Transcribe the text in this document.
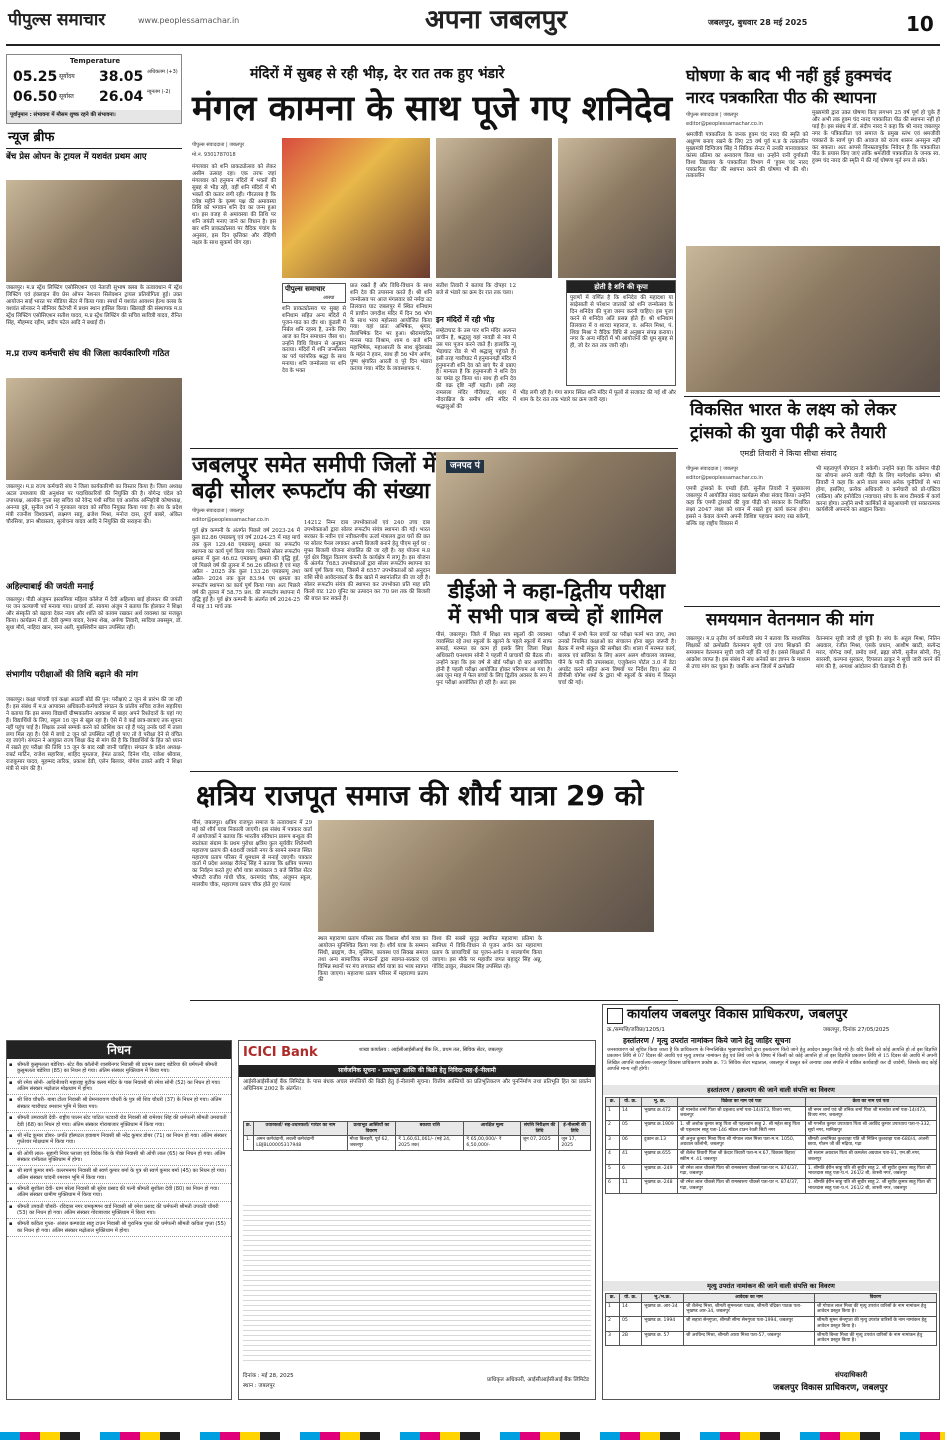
पीपुल्स समाचार	www.peoplessamachar.in	अपना जबलपुर	जबलपुर, बुधवार 28 मई 2025	10
Temperature
05.25 सूर्योदय 38.05 अधिकतम (+3)
06.50 सूर्यास्त 26.04 न्यूनतम (-2)
पूर्वानुमान : संभावना में मौसम शुष्क रहने की संभावना।
न्यूज ब्रीफ
बेंच प्रेस ओपन के ट्रायल में यशवंत प्रथम आए
जबलपुर। म.प्र स्ट्रेंथ लिफ्टिंग एसोसिएशन एवं नेताजी सुभाष क्लब के तत्वावधान में स्ट्रेंथ लिफ्टिंग एवं इंक्लाइन बेंच प्रेस ओपन नेशनल सिलेक्शन ट्रायल प्रतियोगिता हुई। उक्त आयोजन साईं भारत पर मीडिया सेंटर में किया गया। स्पर्धा में यशवंत आयशन हेल्थ क्लब के यशवंत सोनकर ने सीनियर कैटेगरी में प्रथम स्थान हासिल किया। खिलाड़ी की संस्थापक म.प्र स्ट्रेंथ लिफ्टिंग एसोसिएशन सतीश यादव, म.प्र स्ट्रेंथ लिफ्टिंग की सचिव सावित्री यादव, रौनित सिंह, मौहम्मद रहीम, प्रदीप पटेल आदि ने बधाई दी।
म.प्र राज्य कर्मचारी संघ की जिला कार्यकारिणी गठित
जबलपुर। म.प्र राज्य कर्मचारी संघ ने जिला कार्यकारिणी का विस्तार किया है। जिला अध्यक्ष अटल उपाध्याय की अनुशंसा पर पदाधिकारियों की नियुक्ति की है। योगेन्द्र चंदेल को उपाध्यक्ष, आलोक गुप्ता सह सचिव को रेवेन्द्र पंथी सचिव एवं आलोक अग्निहोत्री कोषाध्यक्ष, अनन्या दुबे, सुनील वर्मा ने गुरुकाल यादव को सचिव नियुक्त किया गया है। संघ के प्रदेश मंत्री रजनीश विश्वकर्मा, लक्ष्मण साहू, ब्रजेश मिश्रा, मनोज दास, दुर्गा बाबरे, अंकित चौरसिया, ज्ञान श्रीवास्तव, सुलोचना यादव आदि ने नियुक्ति की सराहना की।
अहिल्याबाई की जयंती मनाई
जबलपुर। पीडी अंजुमन इस्लामिया महिला कॉलेज में देवी अहिल्या बाई होलकर की जयंती पर जन कल्याणी पर्व मनाया गया। प्राचार्य डॉ. सायमा अंजुम ने बताया कि होलकर ने शिक्षा और संस्कृति को बढ़ावा देकर न्याय और शांति को कायम रखकर अर्थ व्यवस्था का मजबूत किया। कार्यक्रम में डॉ. देवी कृष्णा यादव, रेशमा शेख, अर्पणा तिवारी, सादिया तबस्सुम, डॉ. सुधा मौर्य, नाहिदा खान, सना अली, मुबश्शिरीन खान उपस्थित रहीं।
संभागीय परीक्षाओं की तिथि बढ़ाने की मांग
जबलपुर। कक्षा पांचवी एवं कक्षा आठवीं बोर्ड की पुन: परीक्षाएं 2 जून से प्रारंभ की जा रही हैं। इस संबंध में म.प्र आपाक्स अधिकारी-कर्मचारी संगठन के प्रांतीय सचिव राजेश सहारिया ने बताया कि इस समय विद्यार्थी ग्रीष्मकालीन अवकाश में बाहर अपने रिश्तेदारों के यहां गए हैं। विद्यार्थियों के लिए, स्कूल 16 जून से खुल रहा है। ऐसे में वे कई छात्र-छात्राएं तक सूचना नहीं पहुंच पाई है। शिक्षक उनसे सम्पर्क करने को कोशिश कर रहे हैं परंतु उनके घरों में ताला लगा मिल रहा है। ऐसे में बच्चे 2 जून को उपस्थित नहीं हो पाए तो वे परीक्षा देने से वंचित रह जाएंगे। संगठन ने आयुक्त राज्य शिक्षा केंद्र से मांग की है कि विद्यार्थियों के हित को ध्यान में रखते हुए परीक्षा की तिथि 15 जून के बाद रखी जानी चाहिए। संगठन के प्रदेश अध्यक्ष- राबर्ट मार्टिन, राजेश सहारिया, शाहिद मुमताज, हेमंत ठाकरे, दिनेश गोंड, राकेश श्रीवास, राजकुमार यादव, मुहम्मद तारिक, प्रकाश देवी, एलेन बिलवर, योगेश ठाकरे आदि ने शिक्षा मंत्री से मांग की है।
मंदिरों में सुबह से रही भीड़, देर रात तक हुए भंडारे
मंगल कामना के साथ पूजे गए शनिदेव
पीपुल्स संवाददाता | जबलपुर
मो.नं. 9301787018
मंगलवार को शनि प्राकट्योत्सव को लेकर असीम उत्साह रहा। एक तरफ जहां मंगलवार को हनुमान मंदिरों में भक्तों की सुबह से भीड़ रही, वहीं शनि मंदिरों में भी भक्तों की कतार लगी रही। गौरतलब है कि ज्येष्ठ महीने के कृष्ण पक्ष की अमावस्या तिथि को भगवान शनि देव का जन्म हुआ था। इस वजह से अमावस्या की तिथि पर शनि जयंती मनाए जाने का विधान है। इस बार शनि प्राकट्योत्सव पर वैदिक पंचांग के अनुसार, इस दिन कृत्तिका और रोहिणी नक्षत्र के साथ सुकर्मा योग रहा।
पीपुल्स समाचार
आस्था
शनि प्राकट्योत्सव पर सुबह से शनिधाम सहित अन्य मंदिरों में पूजन-पाठ का दौर था। कुंडली में निर्बल शनि रहस्य है, उनके लिए आज का दिन समाधान जैसा था। उन्होंने विधि विधान से अनुष्ठान कराया। मंदिरों में शनि जन्मोत्सव का पर्व पारंपरिक श्रद्धा के साथ मनाया। शनि जन्मोत्सव पर शनि देव के भक्त
प्रात रखते हैं और विधि-विधान के साथ शनि देव की उपासना करते हैं। श्री शनि जन्मोत्सव पर आज मंगलवार को नर्मदा तट तिलवारा घाट जबलपुर में स्थित शनिधाम में प्राचीन जगदीश मंदिर में दिन 56 भोग के साथ भव्य महोत्सव आयोजित किया गया। यहां प्रातः अभिषेक, श्रृंगार, तैलाभिषेक दिन भर हुआ। श्रीरामचरित मानस पाठ विश्राम, शाम 6 बजे शनि महाभिषेक, महाआरती के साथ बुंदेलखंड के महंत ने हवन, साथ ही 56 भोग अर्पण, पुष्प श्रृंगारित आरती व पूरे दिन भंडारा कराया गया। मंदिर के व्यवस्थापक पं.
सतीश तिवारी ने बताया कि दोपहर 12 बजे से भंडारे का क्रम देर रात तक चला।
इन मंदिरों में रही भीड़
लम्हेटाघाट के उस पार शनि मंदिर अत्यन्त प्राचीन है, श्रद्धालु यहां नावड़ी से नाव में उस पार पूजन करने जाते हैं। हालांकि न्यू भेड़ाघाट रोड से भी श्रद्धालु पहुंचते हैं। इसी तरह ग्वारीघाट में हनुमानगढ़ी मंदिर में हनुमानजी शनि देव को बाएं पैर से दबाए हैं। मान्यता है कि हनुमानजी ने शनि देव का घमंड दूर किया था। साथ ही शनि देव की वक्र दृष्टि नहीं पड़ती। इसी तरह रामलला मंदिर गौरीघाट, शहर में नौदराब्रिज के समीप शनि मंदिर में श्रद्धालुओं की
होती है शनि की कृपा
पुराणों में वर्णित है कि शनिदेव की महादशा या साढ़ेसाती से परेशान जातकों को शनि जन्मोत्सव के दिन शनिदेव की पूजा जरूर करनी चाहिए। इस पूजा करने से शनिदेव अति प्रसन्न होते हैं। श्री शनिधाम तिलवारा में व शारदा महाराज, व. अनिल मिश्रा, पं. शिवा मिश्रा ने वैदिक विधि से अनुष्ठान संपन्न कराया। नगर के अन्य मंदिरों में भी आयोजनों की धूम सुबह से ही, जो देर रात तक जारी रही।
भीड़ लगी रही है। गंगा सागर स्थित शनि मंदिर में फूलों से सजावट की गई थी और शाम के देर रात तक भंडारे का क्रम जारी रहा।
जबलपुर समेत समीपी जिलों में
बढ़ी सोलर रूफटॉप की संख्या
पीपुल्स संवाददाता | जबलपुर
editor@peoplessamachar.co.in
पूर्व क्षेत्र कम्पनी के अंतर्गत पिछले वर्ष 2023-24 में कुल 82.86 एमडब्ल्यू एवं वर्ष 2024-25 में माह मार्च तक कुल 129.48 एमडब्ल्यू क्षमता का रूफटॉप स्थापना का कार्य पूर्ण किया गया। जिससे सोलर रूफटॉप क्षमता में कुल 46.62 एमडब्ल्यू क्षमता की वृद्धि हुई, जो पिछले वर्ष की तुलना में 56.26 प्रतिशत है एवं माह अप्रैल - 2025 तक कुल 133.26 एमडब्ल्यू तथा अप्रैल- 2024 तक कुल 83.94 एम क्षमता का रूफटॉप स्थापना का कार्य पूर्ण किया गया। अतः पिछले वर्ष की तुलना में 58.75 प्रश. की रूफटॉप स्थापना में वृद्धि हुई है। पूर्व क्षेत्र कम्पनी के अंतर्गत वर्ष 2024-25 में माह 31 मार्च तक
14212 निम्न दाब उपभोक्ताओं एवं 240 उच्च दाब उपभोक्ताओं द्वारा सोलर रूफटॉप संयंत्र स्थापना की गई। भारत सरकार के नवीन एवं नवीकरणीय ऊर्जा मंत्रालय द्वारा घरों की छत पर सोलर पैनल लगाकर अपनी बिजली बनाने हेतु पीएम सूर्य घर : मुफ्त बिजली योजना संचालित की जा रही है। यह योजना म.प्र पूर्व क्षेत्र विद्युत वितरण कंपनी के कार्यक्षेत्र में लागू है। इस योजना के अंतर्गत 7683 उपभोक्ताओं द्वारा सोलर रूफटॉप स्थापना का कार्य पूर्ण किया गया, जिसमें से 6557 उपभोक्ताओं को अनुदान राशि सीधे आवेदनकर्ता के बैंक खाते में स्थानांतरित की जा रही है। सोलर रूफटॉप संयंत्र की स्थापना कर उपभोक्ता प्रति माह प्रति किलो वाट 120 यूनिट का उत्पादन कर 70 प्रश तक की बिजली की बचत कर सकते हैं।
जनपद पं
डीईओ ने कहा-द्वितीय परीक्षा
में सभी पात्र बच्चे हों शामिल
पीसं, जबलपुर। जिले में शिक्षा सत्र स्कूलों की व्यवस्था व्यवस्थित रहे तथा स्कूलों के खुलने के पहले स्कूलों में साफ सफाई, मरम्मत का काम हो इसके लिए जिला शिक्षा अधिकारी घनश्याम सोनी ने पहलीं में प्राचार्यों की बैठक ली। उन्होंने कहा कि इस वर्ष से बोर्ड परीक्षा दो बार आयोजित होनी है पहली परीक्षा आयोजित होकर परिणाम आ गया है। अब जून माह में फेल बच्चों के लिए द्वितीय अवसर के रूप में पुनः परीक्षा आयोजित हो रही है। अतः इस
परीक्षा में सभी फेल बच्चों का परीक्षा फार्म भरा जाए, तथा उनको नियमित कक्षाओं का संचालन होना बहुत जरूरी है। बैठक में सभी संकुल की समीक्षा की। शाला में मरम्मत कार्य, बालक एवं बालिका के लिए अलग अलग शौचालय व्यवस्था, पीने के पानी की उपलब्धता, एजुकेशन पोर्टल 3.0 में डेटा अपडेट करने सहित अन्य विषयों पर निर्देश दिए। अंत में डीपीसी योगेश शर्मा के द्वारा भी स्कूलों के संबंध में विस्तृत चर्चा की गई।
क्षत्रिय राजपूत समाज की शौर्य यात्रा 29 को
पीसं, जबलपुर। क्षत्रिय राजपूत समाज के तत्वावधान में 29 मई को शौर्य यात्रा निकाली जाएगी। इस संबंध में पत्रकार वार्ता में आयोजकों ने बताया कि भारतीय संविधान प्रारूप बन्धुत्व की स्वतंत्रता संग्राम के प्रथम पुरोधा क्षत्रिय कुल सूर्यवीर शिरोमणी महाराणा प्रताप की 486वीं जयंती नगर के सामने समाज स्थित महाराणा प्रताप परिसर में धूमधाम से मनाई जाएगी। पत्रकार वार्ता में प्रदेश अध्यक्ष रौलेन्द्र सिंह ने बताया कि क्षत्रिय परम्परा का निर्वहन करते हुए शौर्य यात्रा सायंकाल 5 बजे सिविल सेंटर भौपाटी राजीव गांधी चौक, करमचंद चौक, अंजुमन स्कूल, मालवीय चौक, महाराणा प्रताप चौक होते हुए गंतव्य
स्थल महाराणा प्रताप परिसर तक विशाल शौर्य यात्रा का आयोजन सुनिश्चित किया गया है। शौर्य यात्रा के सम्मान सिंधी, ब्राह्मण, जैन, मुस्लिम, कायस्थ एवं सिक्ख समाज तथा अन्य सामाजिक संगठनों द्वारा स्वागत-सत्कार एवं विभिन्न स्थानों पर मंच लगाकर शौर्य यात्रा का भव्य स्वागत किया जाएगा। महाराणा प्रताप परिसर में महाराणा प्रताप की
विश्व की सबसे सुदृढ़ स्थापित महाराणा प्रतिमा के सानिध्य में विधि-विधान से पूजन अर्चन कर महाराणा प्रताप के छायाचित्रों का पूजन-अर्चन व माल्यार्पण किया जाएगा। इस मौके पर महावीर जगत बहादुर सिंह अन्नू, गोविंद ठाकुर, लेखराम सिंह उपस्थित रहे।
घोषणा के बाद भी नहीं हुई हुक्मचंद
नारद पत्रकारिता पीठ की स्थापना
पीपुल्स संवाददाता | जबलपुर
editor@peoplessamachar.co.in
श्रमजीवी पत्रकारिता के जनक हुक्म चंद नारद की स्मृति को अक्षुण्ण बनाए रखने के लिए 25 वर्ष पूर्व म.प्र के तत्कालीन मुख्यमंत्री दिग्विजय सिंह ने सिविक सेन्टर में उनकी मानववाकार कांस्य प्रतिमा का अनावरण किया था। उन्होंने रानी दुर्गावती विश्व विद्यालय के पत्रकारिता विभाग में 'हुक्म चंद नारद पत्रकारिता पीठ' की स्थापना करने की घोषणा भी की थी। तत्कालीन
मुख्यमंत्री द्वारा उक्त घोषणा किए लगभग 25 वर्ष पूर्ण हो चुके हैं और अभी तक हुक्म चंद नारद पत्रकारिता पीठ की स्थापना नहीं हो पाई है। इस संबंध में डॉ. संदीप नारद ने कहा कि श्री नारद जबलपुर नगर के पत्रिकारिता एवं समाज के प्रमुख स्तंभ एवं श्रमजीवी पत्रकारों के स्वर्ण युग की आवाज को राज्य शासन अनसुना नहीं कर सकता। अतः आपसे विनम्रतापूर्वक निवेदन है कि पत्रकारिता पीठ के प्रयास किए जाएं ताकि श्रमजीवी पत्रकारिता के जनक स्व. हुक्म चंद नारद की स्मृति में की गई घोषणा मूर्त रूप ले सके।
विकसित भारत के लक्ष्य को लेकर
ट्रांसको की युवा पीढ़ी करे तैयारी
एमडी तिवारी ने किया सीधा संवाद
पीपुल्स संवाददाता | जबलपुर
editor@peoplessamachar.co.in
एमपी ट्रांसको के एमडी ईजी. सुनील तिवारी ने मुख्यालय जबलपुर में आयोजित संवाद कार्यक्रम सीधा संवाद किया। उन्होंने कहा कि एमपी ट्रांसको की युवा पीढ़ी को सरकार के निर्धारित लक्ष्य 2047 लक्ष्य को ध्यान में रखते हुए कार्य करना होगा। इससे न केवल कंपनी अपनी विशिष्ट पहचान बनाए रख सकेगी, बल्कि वह राष्ट्रीय विकास में
भी महत्वपूर्ण योगदान दे सकेगी। उन्होंने कहा कि वर्तमान पीढ़ी का सोचना अपने वाली पीढ़ी के लिए मार्गदर्शक बनेगा। श्री तिवारी ने कहा कि आने वाला समय अनेक चुनौतियों से भरा होगा, इसलिए, प्रत्येक अधिकारी व कर्मचारी को प्रो-एक्टिव (सक्रिय) और इनोवेटिव (नवाचार) सोच के साथ टीमवर्क में कार्य करना होगा। उन्होंने सभी कार्मिकों से बहुआयामी एवं सकारात्मक कार्यशैली अपनाने का आह्वान किया।
समयमान वेतनमान की मांग
जबलपुर। म.प्र तृतीय वर्ग कर्मचारी संघ ने बताया कि माध्यमिक शिक्षकों को क्रमोन्नति वेतनमान सूची एवं उच्च शिक्षकों की समयमान वेतनमान सूची जारी नहीं की गई है। इससे शिक्षकों में आक्रोश व्याप्त है। इस संबंध में संघ अनेकों बार ज्ञापन के माध्यम से उच्च मांग कर चुका है। जबकि अन्य जिलों में क्रमोन्नति
वेतनमान सूची जारी हो चुकी है। संघ के अतुल मिश्रा, नितिन अग्रवाल, रंजीत मिश्रा, एसके प्रधान, आशीष खाटी, सत्येन्द्र मरार, योगेन्द्र वर्मा, प्रमोद वर्मा, ब्रह्मा सोनी, सुनील सोनी, रीनू सारस्वी, कल्पना सुरकार, दिपलता ठाकुर ने सूची जारी करने की मांग की है, अन्यथा आंदोलन की चेतावनी दी है।
निधन
▪ श्रीमती कुसुमलता बडेरिया- स्टेट बैंक कॉलोनी शास्त्रीनगर निवासी श्री प्रदमन प्रसाद बडेरिया की धर्मपत्नी श्रीमती कुसुमलता बडेरिया (85) का निधन हो गया। अंतिम संस्कार मुक्तिधाम में किया गया।
▪ श्री रमेश सोनी- आदिनीश्वरी महाराष्ट्र बुटीक क्लब मंदिर के पास निवासी श्री रमेश सोनी (52) का निधन हो गया। अंतिम संस्कार मढ़ोताल मोक्षधाम में होगा।
▪ श्री शिव चौधरी- बाबा टोला निवासी श्री प्रेमनारायण चौधरी के पुत्र श्री शिव चौधरी (37) के निधन हो गया। अंतिम संस्कार ग्वारीघाट श्मशान भूमि में किया गया।
▪ श्रीमती उमरावती देवी- राष्ट्रीय पालन स्टेट पाटिल पटवारी रोड निवासी श्री रामेश्वर सिंह की धर्मपत्नी श्रीमती उमरावती देवी (68) का निधन हो गया। अंतिम संस्कार गोराबाजार मुक्तिधाम में किया गया।
▪ श्री नरेंद्र कुमार डोबर- प्रगति हॉस्पटल हवाबाग निवासी श्री नरेंद्र कुमार डोबर (71) का निधन हो गया। अंतिम संस्कार गुप्तेश्वर मोक्षधाम में किया गया।
▪ श्री ओपी लाल- सुहागी नियर प्लाजा एवं विवेक कि के पीछे निवासी श्री ओपी लाल (65) का निधन हो गया। अंतिम संस्कार रानीताल मुक्तिधाम में होगा।
▪ श्री स्वर्ण कुमार बर्मा- वल्लभनगर निवासी श्री स्वर्ण कुमार बर्मा के पुत्र श्री स्वर्ण कुमार बर्मा (45) का निधन हो गया। अंतिम संस्कार चांदनी श्मशान भूमि में किया गया।
▪ श्रीमती सुशीला देवी- ग्राम बरेला निवासी श्री सुरेश प्रसाद की पत्नी श्रीमती सुशीला देवी (80) का निधन हो गया। अंतिम संस्कार ग्रामीण मुक्तिधाम में किया गया।
▪ श्रीमती उपवती चौबरी- रविदास नगर रामकृष्णन वार्ड निवासी श्री रमेश प्रसाद की धर्मपत्नी श्रीमती उपवती चौबरी (53) का निधन हो गया। अंतिम संस्कार गोराबाजार मुक्तिधाम में किया गया।
▪ श्रीमती कविता गुप्ता- अंजल कम्पाउंड साहू टाउन निवासी श्री पुरानिक गुप्ता की धर्मपत्नी श्रीमती कविता गुप्ता (55) का निधन हो गया। अंतिम संस्कार मढ़ोताल मुक्तिधाम में होगा।
ICICI Bank	शाखा कार्यालय : आईसीआईसीआई बैंक लि., प्रथम तल, सिविक सेंटर, जबलपुर
सार्वजनिक सूचना - प्रत्याभूत आस्ति की बिक्री हेतु निविदा-सह-ई-नीलामी
आईसीआईसीआई बैंक लिमिटेड के पास बंधक अचल संपत्तियों की बिक्री हेतु ई-नीलामी सूचना। वित्तीय आस्तियों का प्रतिभूतिकरण और पुनर्निर्माण तथा प्रतिभूति हित का प्रवर्तन अधिनियम 2002 के अंतर्गत।
क्र.	उधारकर्ता/ सह-उधारकर्ता/ गारंटर का नाम	प्रत्याभूत आस्तियों का विवरण	बकाया राशि	आरक्षित मूल्य	संपत्ति निरीक्षण की तिथि	ई-नीलामी की तिथि
1.	अमन कर्मचंदानी, लवली कर्मचंदानी LBJBL00005317948	मौजा बिलहरी, पूर्व 62, जबलपुर	₹ 1,60,61,061/- (मई 24, 2025 तक)	₹ 65,00,000/- ₹ 6,50,000/-	जून 07, 2025	जून 17, 2025
दिनांक : मई 28, 2025
स्थान : जबलपुर
प्राधिकृत अधिकारी, आईसीआईसीआई बैंक लिमिटेड
कार्यालय जबलपुर विकास प्राधिकरण, जबलपुर
क्र./सम्पत्ति/जविप्रा/1205/1	जबलपुर, दिनांक 27/05/2025
हस्तांतरण / मृत्यु उपरांत नामांकन किये जाने हेतु जाहिर सूचना
जनसाधारण को सूचित किया जाता है कि प्राधिकरण के निम्नलिखित भूखण्डधारियों द्वारा हस्तांतरण किये जाने हेतु आवेदन प्रस्तुत किये गये है। यदि किसी को कोई आपत्ति हो तो इस विज्ञप्ति प्रकाशन तिथि से 07 दिवस की अवधि एवं मृत्यु उपरांत नामांकन हेतु एवं लिये जाने के विषय में किसी को कोई आपत्ति हो तो इस विज्ञप्ति प्रकाशन तिथि से 15 दिवस की अवधि में अपनी लिखित आपत्ति कार्यालय-जबलपुर विकास प्राधिकरण प्रकोष्ठ क्र. 73 सिविक सेंटर मढ़ाताल, जबलपुर में प्रस्तुत करें अन्यथा उक्त संपत्ति में वांछित कार्यवाही कर दी जावेगी, जिसके बाद कोई आपत्ति मान्य नहीं होगी।
हस्तांतरण / हक़त्याग की जाने वाली संपत्ति का विवरण
क्र.	यो. क्र.	भू. क्र.	विक्रेता का नाम एवं पता	क्रेता का नाम एवं पता
1	14	भूखण्ड क्र.472	श्री मानवेश शर्मा पिता श्री प्रहलाद शर्मा पता-14/473, विजय नगर, जबलपुर	श्री नमन शर्मा एवं श्री तनिक शर्मा पिता श्री मानवेश शर्मा पता-14/473, विजय नगर, जबलपुर
2	05	भूखण्ड क्र.1909	1. श्री अशोक कुमार साहू पिता श्री पहलवान साहू 2. श्री महेश साहू पिता श्री पहलवान साहू पता-146 मॉडल टाउन रेवती सिटी नगर	श्री गगनीत कुमार उपाध्याय पिता श्री अरविंद कुमार उपाध्याय पता-ए-332, सूर्या नगर, मानिकपुर
3	06	दुकान क्र.13	श्री अनुज कुमार मिश्रा पिता श्री गोपाल लाल मिश्रा पता-म.न. 1050, अग्रवाल कॉलोनी, जबलपुर	श्रीमती अनामिका कुशवाहा पति श्री नितिन कुशवाहा पता-680/4, अंजनी छाया, गौतम जी की मढ़िया, गढ़ा
4	41	भूखण्ड क्र.655	श्री शैलेश तिवारी पिता श्री केदार तिवारी पता-म.न.67, विकास विहार/स्कीम नं. 41 जबलपुर	श्री सत्यम अग्रवाल पिता श्री कमलेश अग्रवाल पता-91, एम.सी.नगर, जबलपुर
5	6	भूखण्ड क्र.-249	श्री रमेश लाल चौकसे पिता श्री रामस्वरूप चौकसे पता-घर न. 874/37, गढ़ा, जबलपुर	1. श्रीमति ईरीन साहू पति श्री सुधीर साहू 2. श्री सुधीर कुमार साहू पिता श्री भारतदास साहू पता-घ.नं. 261/2 बी, शास्त्री नगर, जबलपुर
6	11	भूखण्ड क्र.-248	श्री रमेश लाल चौकसे पिता श्री रामस्वरूप चौकसे पता-घर न. 874/37, गढ़ा, जबलपुर	1. श्रीमति ईरीन साहू पति श्री सुधीर साहू 2. श्री सुधीर कुमार साहू पिता श्री भारतदास साहू पता-घ.नं. 261/2 बी, शास्त्री नगर, जबलपुर
मृत्यु उपरांत नामांकन की जाने वाली संपत्ति का विवरण
क्र.	यो. क्र.	भू./भ.क्र.	आवेदक का नाम	विवरण
1	14	भूखण्ड क्र. आर-34	श्री शैलेन्द्र मिश्रा, श्रीमती सुमनलता पाठक, श्रीमती चंद्रिका पाठक पता-भूखण्ड आर-34, जबलपुर	श्री गोपाल लाल मिश्रा की मृत्यु उपरांत वारिसों के नाम नामांकन हेतु आवेदन प्रस्तुत किया है।
2	05	भूखण्ड क्र. 1994	श्री सहारा सेनगुप्ता, श्रीमती सीमा सेनगुप्ता पता-1994, जबलपुर	श्रीमती सुमन सेनगुप्ता की मृत्यु उपरांत वारिसों के नाम नामांकन हेतु आवेदन प्रस्तुत किया है।
3	2B	भूखण्ड क्र. 57	श्री अरविन्द मिश्रा, श्रीमती आशा मिश्रा पता-57, जबलपुर	श्रीमती बिन्ता मिश्रा की मृत्यु उपरांत वारिसों के नाम नामांकन हेतु आवेदन प्रस्तुत किया है।
संपदाधिकारी
जबलपुर विकास प्राधिकरण, जबलपुर
